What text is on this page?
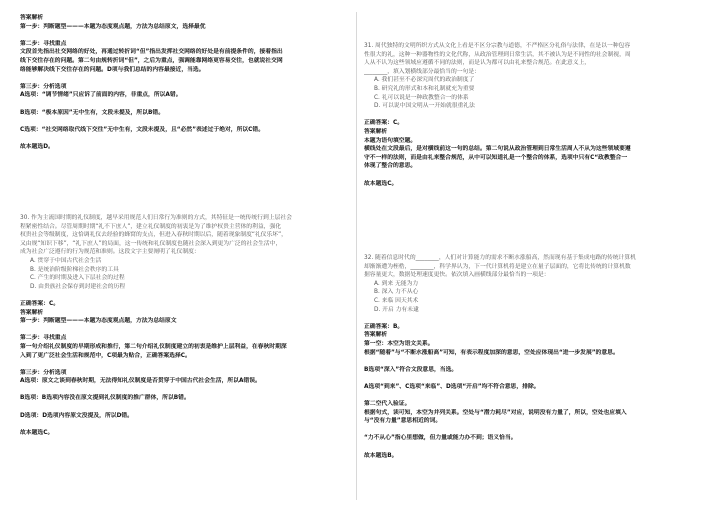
答案解析
第一步：判断题型———本题为态度观点题，方法为总结原文，选择最优

第二步：寻找重点
文段首先指出社交网络的好处，再通过转折词“但”指出发挥社交网络的好处是有前提条件的，接着指出
线下交往存在的问题。第二句由规转折词“但”，之后为重点，强调能靠网络更容易交往，也就说社交网
络能够解决线下交往存在的问题。D项与我们总结的内容最接近，当选。

第三步：分析选项
A选项：“调节情绪”只应诉了前面的内容，非重点，所以A错。

B选项：“极本原因”无中生有，文段未提及，所以B错。

C选项：“社交网络取代线下交往”无中生有，文段未提及，且“必然”表述过于绝对，所以C错。

故本题选D。
30. 作为主流国时期的礼仪制度，越早采用规范人们日常行为准则的方式，其特征是一统传统行到上层社会
程紧密性结合。尽管周期时期“礼不下庶人”，建立礼仪制度的初衷是为了维护权贵主营体的利益，强化
权贵社会等级制度，这恰调礼仪去经验的蜂窝的支点，但进入春秋时期以后，随着现象制度“礼仪乐坏”，
又由规“知识下移”，“礼下庶人”的局面，这一传统和礼仪制度也随社会深入到更为广泛的社会生活中，
成为社会广泛遵行的行为规范和准则。这段文字主要阐明了礼仪制度：
A. 贯穿于中国古代社会生活
B. 是统治阶级阶梯社会秩序的工具
C. 产生的时期及进入下层社会的过程
D. 由贵族社会保存到封建社会的历程

正确答案：C。
答案解析
第一步：判断题型———本题为态度观点题，方法为总结原文

第二步：寻找重点
第一句介绍礼仪制度的早期形成和推行，第二句介绍礼仪制度建立的初衷是维护上层利益，在春秋时期深
入到了更广泛社会生活和规范中，C项最为贴合，正确答案选择C。

第三步：分析选项
A选项：原文之谈到春秋时期，无法得知礼仪制度是否贯穿于中国古代社会生活，所以A错误。

B选项：B选项内容没在原文提到礼仪制度的推广群体，所以B错。

D选项：D选项内容原文没提及，所以D错。

故本题选C。
31. 周代独特的文明所织方式从文化上看是不区分宗教与道德，不严格区分礼俗与法律，在是以一种包容
性很大的礼，这种一种器物性的文化代称，从政治管理到日常生活，其不被认为是不同性的社会制视，周
人从不认为这些领域应遵循不同的法则，而是认为都可以由礼来整合规范。在此意义上，
________，填入划横线部分最恰当的一句是：
A. 我们甚至不必深究周代的政治制度了
B. 研究礼的形式和本和礼制就充为重要
C. 礼可以说是一种政教整合一的体系
D. 可以说中国文明从一开始就很重礼法

正确答案：C。
答案解析
本题为语句填空题。
横线处在文段最后，是对横线前这一句的总结。第二句说从政治管理到日常生活周人不从为这些领域要遵
守不一样的法则，而是由礼来整合规范，从中可以知道礼是一个整合的体系，选项中只有C“政教整合一
体现了整合的意思。

故本题选C。
32. 随着信息时代的________，人们对计算能力的需求不断水涨船高，然而现有基于集成电路的传统计算机
却渐渐遭为桎梏，________，科学界认为，下一代计算机将是建立在量子层面的，它将比传统的计算机数
据容量更大，数据处理速度更快。依次填入画横线部分最恰当的一项是：
A. 到来 无能为力
B. 深入 力不从心
C. 来临 因天其术
D. 开启 力有未逮

正确答案：B。
答案解析
第一空：本空为语文关系。
根据“随着”与“不断水涨船高”可知，有表示程度加深的意思，空处应体现出“进一步发展”的意思。

B选项“深入”符合文段意思，当选。

A选项“到来”、C选项“来临”、D选项“开启”均不符合意思，排除。

第二空代入验证。
根据句式，读可知，本空为并列关系。空处与“潜力耗尽”对应，说明没有力量了，所以，空处也应填入
与“没有力量”意思相近的词。

“力不从心”指心里想做，但力量或能力办不到；语义恰当。

故本题选B。
